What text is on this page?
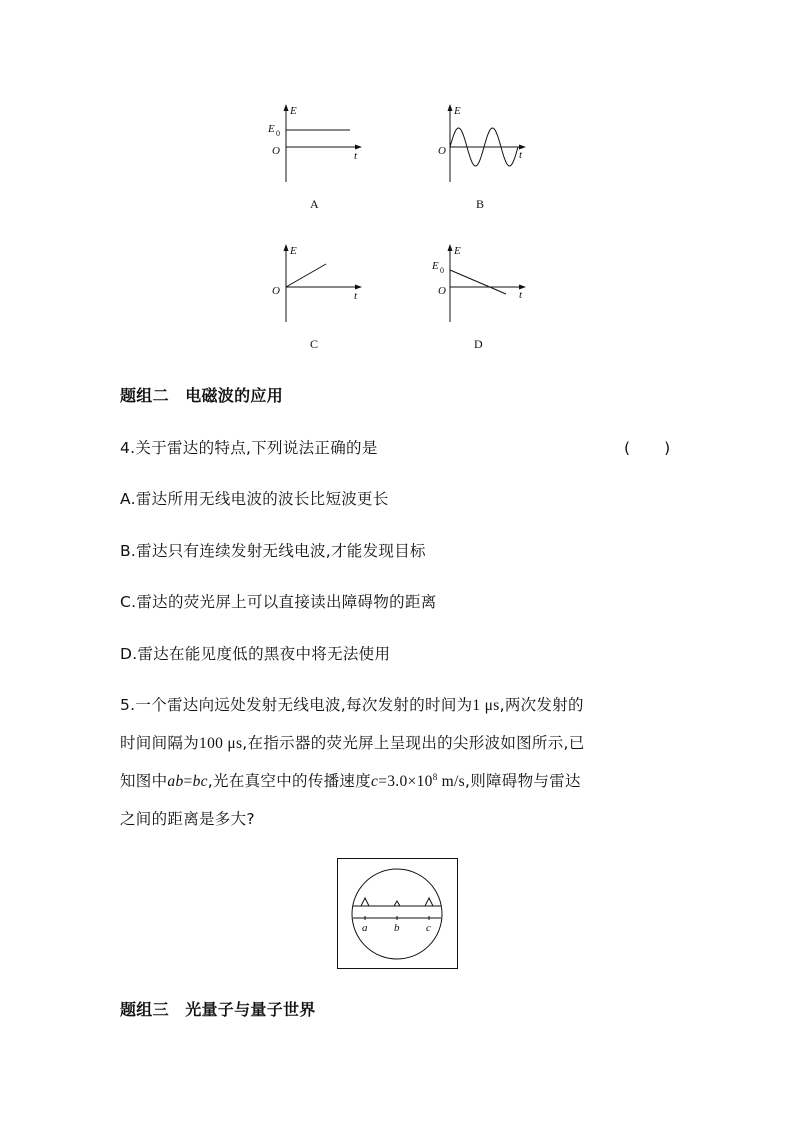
E
t
O
E 0
A
E
t
O
B
E
t
O
C
E
t
O
E 0
D
题组二　电磁波的应用
4.关于雷达的特点,下列说法正确的是	( )
A.雷达所用无线电波的波长比短波更长
B.雷达只有连续发射无线电波,才能发现目标
C.雷达的荧光屏上可以直接读出障碍物的距离
D.雷达在能见度低的黑夜中将无法使用
5.一个雷达向远处发射无线电波,每次发射的时间为1 μs,两次发射的
时间间隔为100 μs,在指示器的荧光屏上呈现出的尖形波如图所示,已
知图中ab=bc,光在真空中的传播速度$c=3.0\times 10^8$ m/s,则障碍物与雷达
之间的距离是多大?
a b c
题组三　光量子与量子世界
